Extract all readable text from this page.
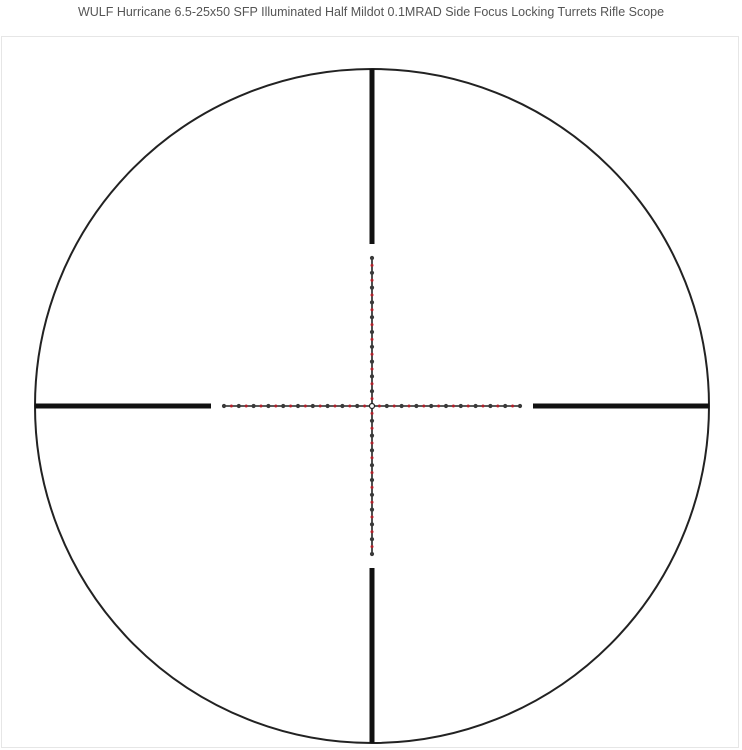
WULF Hurricane 6.5-25x50 SFP Illuminated Half Mildot 0.1MRAD Side Focus Locking Turrets Rifle Scope
